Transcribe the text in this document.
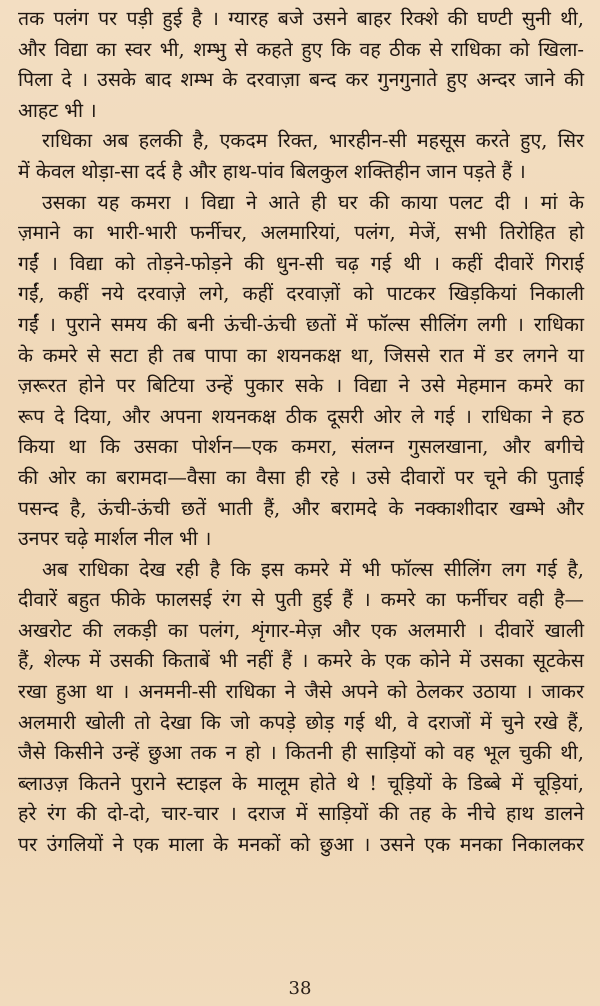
तक पलंग पर पड़ी हुई है । ग्यारह बजे उसने बाहर रिक्शे की घण्टी सुनी थी,
और विद्या का स्वर भी, शम्भु से कहते हुए कि वह ठीक से राधिका को खिला-
पिला दे । उसके बाद शम्भ के दरवाज़ा बन्द कर गुनगुनाते हुए अन्दर जाने की
आहट भी ।
राधिका अब हलकी है, एकदम रिक्त, भारहीन-सी महसूस करते हुए, सिर
में केवल थोड़ा-सा दर्द है और हाथ-पांव बिलकुल शक्तिहीन जान पड़ते हैं ।
उसका यह कमरा । विद्या ने आते ही घर की काया पलट दी । मां के
ज़माने का भारी-भारी फर्नीचर, अलमारियां, पलंग, मेजें, सभी तिरोहित हो
गईं । विद्या को तोड़ने-फोड़ने की धुन-सी चढ़ गई थी । कहीं दीवारें गिराई
गईं, कहीं नये दरवाज़े लगे, कहीं दरवाज़ों को पाटकर खिड़कियां निकाली
गईं । पुराने समय की बनी ऊंची-ऊंची छतों में फॉल्स सीलिंग लगी । राधिका
के कमरे से सटा ही तब पापा का शयनकक्ष था, जिससे रात में डर लगने या
ज़रूरत होने पर बिटिया उन्हें पुकार सके । विद्या ने उसे मेहमान कमरे का
रूप दे दिया, और अपना शयनकक्ष ठीक दूसरी ओर ले गई । राधिका ने हठ
किया था कि उसका पोर्शन—एक कमरा, संलग्न गुसलखाना, और बगीचे
की ओर का बरामदा—वैसा का वैसा ही रहे । उसे दीवारों पर चूने की पुताई
पसन्द है, ऊंची-ऊंची छतें भाती हैं, और बरामदे के नक्काशीदार खम्भे और
उनपर चढ़े मार्शल नील भी ।
अब राधिका देख रही है कि इस कमरे में भी फॉल्स सीलिंग लग गई है,
दीवारें बहुत फीके फालसई रंग से पुती हुई हैं । कमरे का फर्नीचर वही है—
अखरोट की लकड़ी का पलंग, शृंगार-मेज़ और एक अलमारी । दीवारें खाली
हैं, शेल्फ में उसकी किताबें भी नहीं हैं । कमरे के एक कोने में उसका सूटकेस
रखा हुआ था । अनमनी-सी राधिका ने जैसे अपने को ठेलकर उठाया । जाकर
अलमारी खोली तो देखा कि जो कपड़े छोड़ गई थी, वे दराजों में चुने रखे हैं,
जैसे किसीने उन्हें छुआ तक न हो । कितनी ही साड़ियों को वह भूल चुकी थी,
ब्लाउज़ कितने पुराने स्टाइल के मालूम होते थे ! चूड़ियों के डिब्बे में चूड़ियां,
हरे रंग की दो-दो, चार-चार । दराज में साड़ियों की तह के नीचे हाथ डालने
पर उंगलियों ने एक माला के मनकों को छुआ । उसने एक मनका निकालकर
38
